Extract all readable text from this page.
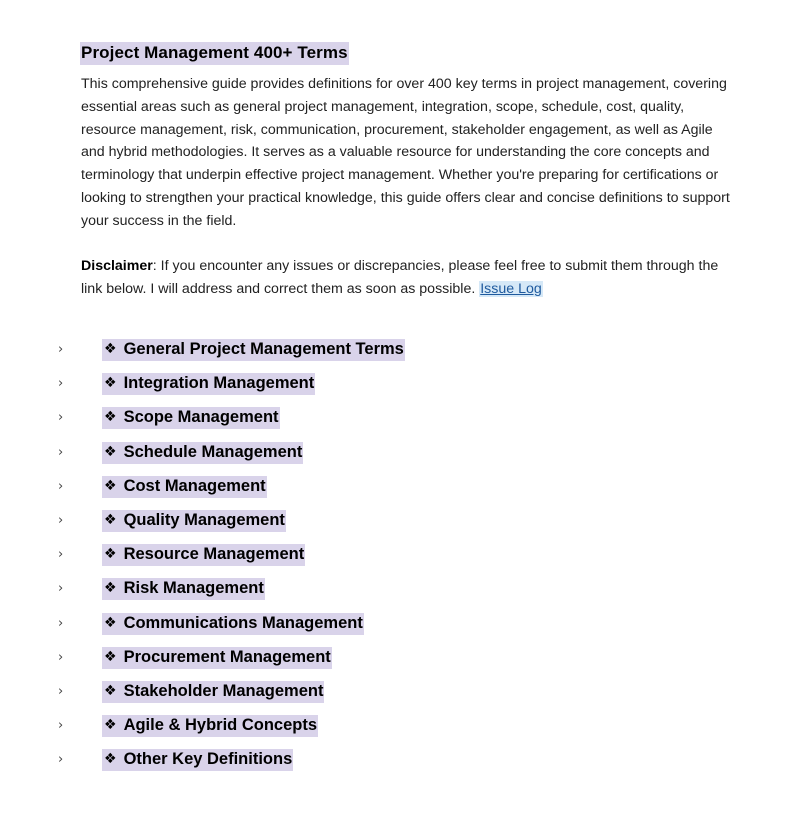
Project Management 400+ Terms

This comprehensive guide provides definitions for over 400 key terms in project management, covering essential areas such as general project management, integration, scope, schedule, cost, quality, resource management, risk, communication, procurement, stakeholder engagement, as well as Agile and hybrid methodologies. It serves as a valuable resource for understanding the core concepts and terminology that underpin effective project management. Whether you're preparing for certifications or looking to strengthen your practical knowledge, this guide offers clear and concise definitions to support your success in the field.

Disclaimer: If you encounter any issues or discrepancies, please feel free to submit them through the link below. I will address and correct them as soon as possible. Issue Log

›	❖ General Project Management Terms
›	❖ Integration Management
›	❖ Scope Management
›	❖ Schedule Management
›	❖ Cost Management
›	❖ Quality Management
›	❖ Resource Management
›	❖ Risk Management
›	❖ Communications Management
›	❖ Procurement Management
›	❖ Stakeholder Management
›	❖ Agile & Hybrid Concepts
›	❖ Other Key Definitions
